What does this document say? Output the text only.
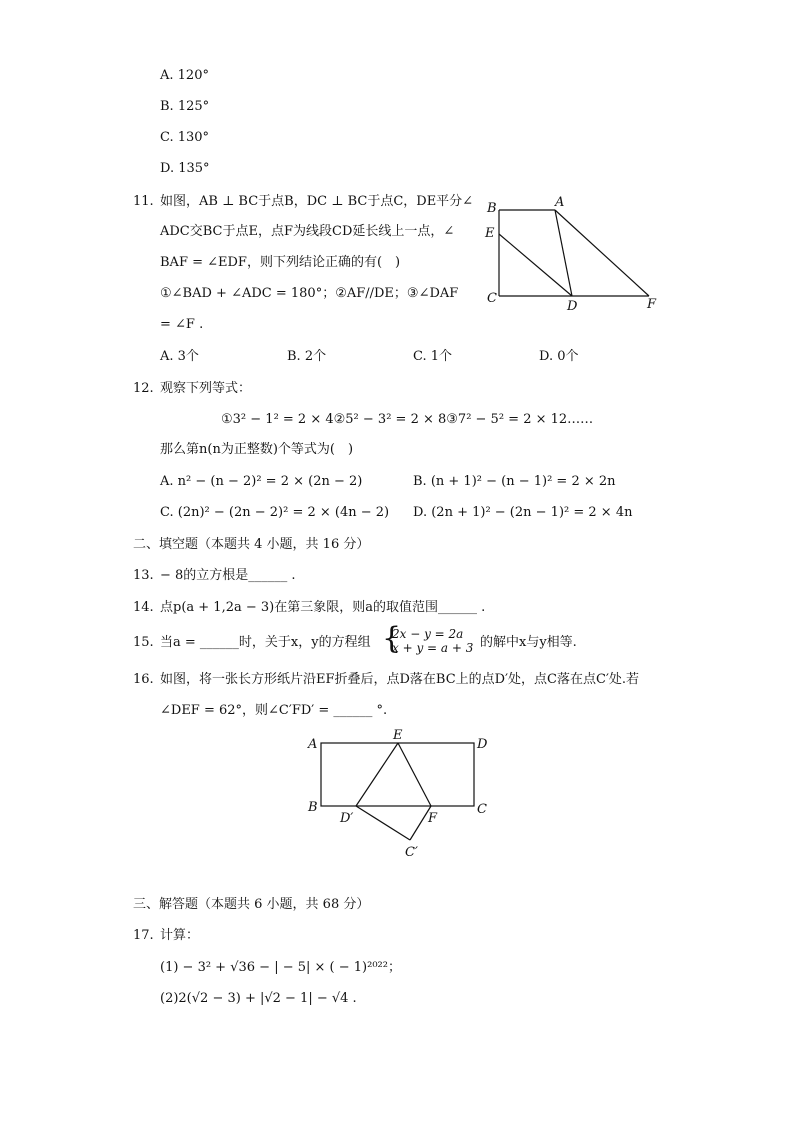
A. 120°
B. 125°
C. 130°
D. 135°
11. 如图，AB ⊥ BC于点B，DC ⊥ BC于点C，DE平分∠
ADC交BC于点E，点F为线段CD延长线上一点，∠
BAF = ∠EDF，则下列结论正确的有(　)
①∠BAD + ∠ADC = 180°；②AF//DE；③∠DAF
= ∠F .
A. 3个	B. 2个	C. 1个	D. 0个
B	A
E
C
D	F
12. 观察下列等式：
①3² − 1² = 2 × 4②5² − 3² = 2 × 8③7² − 5² = 2 × 12……
那么第n(n为正整数)个等式为(　)
A. n² − (n − 2)² = 2 × (2n − 2)	B. (n + 1)² − (n − 1)² = 2 × 2n
C. (2n)² − (2n − 2)² = 2 × (4n − 2) D. (2n + 1)² − (2n − 1)² = 2 × 4n
二、填空题（本题共 4 小题，共 16 分）
13. − 8的立方根是______ .
14. 点p(a + 1,2a − 3)在第三象限，则a的取值范围______ .
15. 当a = ______时，关于x，y的方程组 {
2x − y = 2a
x + y = a + 3 的解中x与y相等.
16. 如图，将一张长方形纸片沿EF折叠后，点D落在BC上的点D′处，点C落在点C′处.若
∠DEF = 62°，则∠C′FD′ = ______ °.
A
E
D
B
D′	F
C
C′
三、解答题（本题共 6 小题，共 68 分）
17. 计算：
(1) − 3² + √36 − | − 5| × ( − 1)²⁰²²；
(2)2(√2 − 3) + |√2 − 1| − √4 .
